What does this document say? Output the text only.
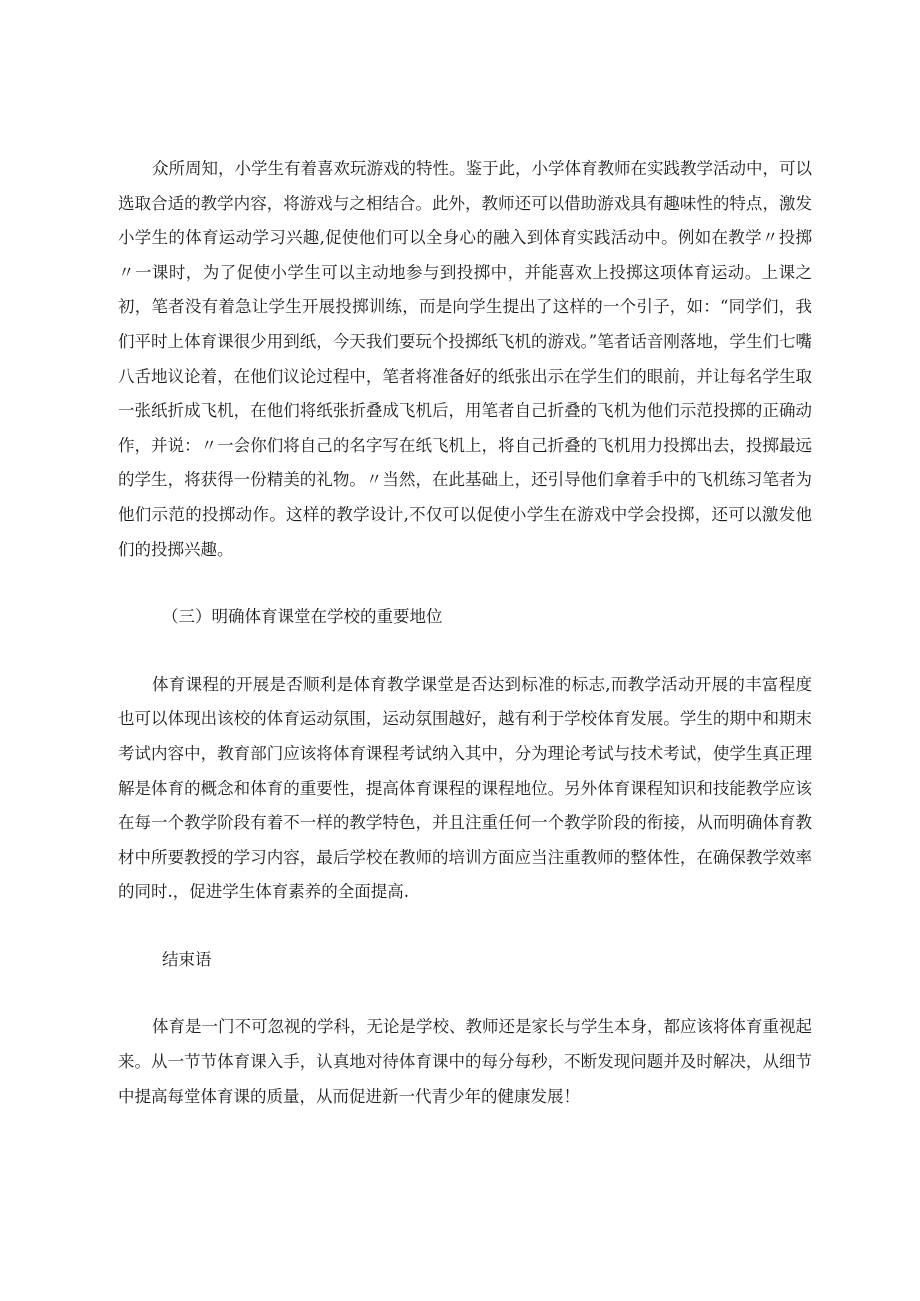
众所周知，小学生有着喜欢玩游戏的特性。鉴于此，小学体育教师在实践教学活动中，可以选取合适的教学内容，将游戏与之相结合。此外，教师还可以借助游戏具有趣味性的特点，激发小学生的体育运动学习兴趣,促使他们可以全身心的融入到体育实践活动中。例如在教学〃投掷〃一课时，为了促使小学生可以主动地参与到投掷中，并能喜欢上投掷这项体育运动。上课之初，笔者没有着急让学生开展投掷训练，而是向学生提出了这样的一个引子，如：“同学们，我们平时上体育课很少用到纸，今天我们要玩个投掷纸飞机的游戏。”笔者话音刚落地，学生们七嘴八舌地议论着，在他们议论过程中，笔者将准备好的纸张出示在学生们的眼前，并让每名学生取一张纸折成飞机，在他们将纸张折叠成飞机后，用笔者自己折叠的飞机为他们示范投掷的正确动作，并说：〃一会你们将自己的名字写在纸飞机上，将自己折叠的飞机用力投掷出去，投掷最远的学生，将获得一份精美的礼物。〃当然，在此基础上，还引导他们拿着手中的飞机练习笔者为他们示范的投掷动作。这样的教学设计,不仅可以促使小学生在游戏中学会投掷，还可以激发他们的投掷兴趣。

（三）明确体育课堂在学校的重要地位

体育课程的开展是否顺利是体育教学课堂是否达到标准的标志,而教学活动开展的丰富程度也可以体现出该校的体育运动氛围，运动氛围越好，越有利于学校体育发展。学生的期中和期末考试内容中，教育部门应该将体育课程考试纳入其中，分为理论考试与技术考试，使学生真正理解是体育的概念和体育的重要性，提高体育课程的课程地位。另外体育课程知识和技能教学应该在每一个教学阶段有着不一样的教学特色，并且注重任何一个教学阶段的衔接，从而明确体育教材中所要教授的学习内容，最后学校在教师的培训方面应当注重教师的整体性，在确保教学效率的同时.，促进学生体育素养的全面提高.

结束语

体育是一门不可忽视的学科，无论是学校、教师还是家长与学生本身，都应该将体育重视起来。从一节节体育课入手，认真地对待体育课中的每分每秒，不断发现问题并及时解决，从细节中提高每堂体育课的质量，从而促进新一代青少年的健康发展！
